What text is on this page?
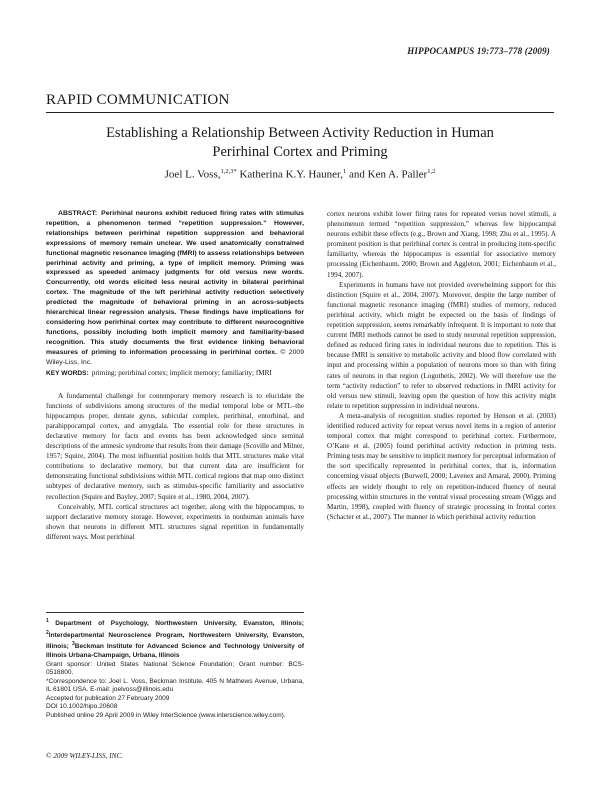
HIPPOCAMPUS 19:773–778 (2009)
RAPID COMMUNICATION
Establishing a Relationship Between Activity Reduction in Human
Perirhinal Cortex and Priming
Joel L. Voss,$^{1,2,3*}$ Katherina K.Y. Hauner,$^1$ and Ken A. Paller$^{1,2}$

ABSTRACT: Perirhinal neurons exhibit reduced firing rates with stimulus repetition, a phenomenon termed “repetition suppression.” However, relationships between perirhinal repetition suppression and behavioral expressions of memory remain unclear. We used anatomically constrained functional magnetic resonance imaging (fMRI) to assess relationships between perirhinal activity and priming, a type of implicit memory. Priming was expressed as speeded animacy judgments for old versus new words. Concurrently, old words elicited less neural activity in bilateral perirhinal cortex. The magnitude of the left perirhinal activity reduction selectively predicted the magnitude of behavioral priming in an across-subjects hierarchical linear regression analysis. These findings have implications for considering how perirhinal cortex may contribute to different neurocognitive functions, possibly including both implicit memory and familiarity-based recognition. This study documents the first evidence linking behavioral measures of priming to information processing in perirhinal cortex. © 2009 Wiley-Liss, Inc.

KEY WORDS: priming; perirhinal cortex; implicit memory; familiarity; fMRI

A fundamental challenge for contemporary memory research is to elucidate the functions of subdivisions among structures of the medial temporal lobe or MTL–the hippocampus proper, dentate gyrus, subicular complex, perirhinal, entorhinal, and parahippocampal cortex, and amygdala. The essential role for these structures in declarative memory for facts and events has been acknowledged since seminal descriptions of the amnesic syndrome that results from their damage (Scoville and Milner, 1957; Squire, 2004). The most influential position holds that MTL structures make vital contributions to declarative memory, but that current data are insufficient for demonstrating functional subdivisions within MTL cortical regions that map onto distinct subtypes of declarative memory, such as stimulus-specific familiarity and associative recollection (Squire and Bayley, 2007; Squire et al., 1980, 2004, 2007).

Conceivably, MTL cortical structures act together, along with the hippocampus, to support declarative memory storage. However, experiments in nonhuman animals have shown that neurons in different MTL structures signal repetition in fundamentally different ways. Most perirhinal

$^1$ Department of Psychology, Northwestern University, Evanston, Illinois; $^2$Interdepartmental Neuroscience Program, Northwestern University, Evanston, Illinois; $^3$Beckman Institute for Advanced Science and Technology University of Illinois Urbana-Champaign, Urbana, Illinois

Grant sponsor: United States National Science Foundation; Grant number: BCS-0518800.

*Correspondence to: Joel L. Voss, Beckman Institute, 405 N Mathews Avenue, Urbana, IL 61801 USA. E-mail: joelvoss@illinois.edu

Accepted for publication 27 February 2009

DOI 10.1002/hipo.20608

Published online 29 April 2009 in Wiley InterScience (www.interscience.wiley.com).

cortex neurons exhibit lower firing rates for repeated versus novel stimuli, a phenomenon termed “repetition suppression,” whereas few hippocampal neurons exhibit these effects (e.g., Brown and Xiang, 1998; Zhu et al., 1995). A prominent position is that perirhinal cortex is central in producing item-specific familiarity, whereas the hippocampus is essential for associative memory processing (Eichenbaum, 2000; Brown and Aggleton, 2001; Eichenbaum et al., 1994, 2007).

Experiments in humans have not provided overwhelming support for this distinction (Squire et al., 2004, 2007). Moreover, despite the large number of functional magnetic resonance imaging (fMRI) studies of memory, reduced perirhinal activity, which might be expected on the basis of findings of repetition suppression, seems remarkably infrequent. It is important to note that current fMRI methods cannot be used to study neuronal repetition suppression, defined as reduced firing rates in individual neurons due to repetition. This is because fMRI is sensitive to metabolic activity and blood flow correlated with input and processing within a population of neurons more so than with firing rates of neurons in that region (Logothetis, 2002). We will therefore use the term “activity reduction” to refer to observed reductions in fMRI activity for old versus new stimuli, leaving open the question of how this activity might relate to repetition suppression in individual neurons.

A meta-analysis of recognition studies reported by Henson et al. (2003) identified reduced activity for repeat versus novel items in a region of anterior temporal cortex that might correspond to perirhinal cortex. Furthermore, O’Kane et al. (2005) found perirhinal activity reduction in priming tests. Priming tests may be sensitive to implicit memory for perceptual information of the sort specifically represented in perirhinal cortex, that is, information concerning visual objects (Burwell, 2000; Lavenex and Amaral, 2000). Priming effects are widely thought to rely on repetition-induced fluency of neural processing within structures in the ventral visual processing stream (Wiggs and Martin, 1998), coupled with fluency of strategic processing in frontal cortex (Schacter et al., 2007). The manner in which perirhinal activity reduction

© 2009 WILEY-LISS, INC.
